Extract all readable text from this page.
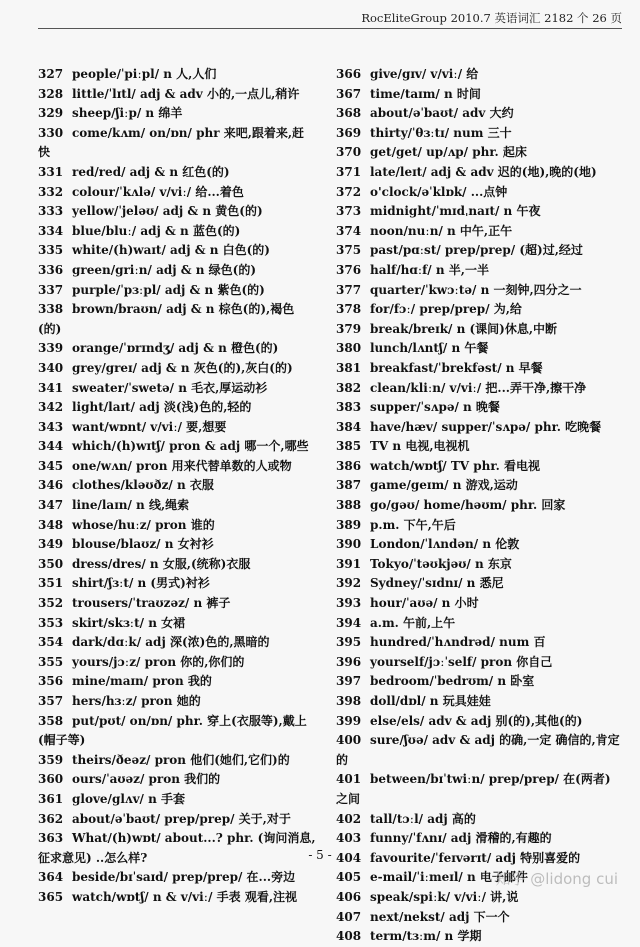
RocEliteGroup 2010.7 英语词汇 2182 个 26 页
327 people/ˈpiːpl/ n 人,人们
328 little/ˈlɪtl/ adj & adv 小的,一点儿,稍许
329 sheep/ʃiːp/ n 绵羊
330 come/kʌm/ on/ɒn/ phr 来吧,跟着来,赶快
331 red/red/ adj & n 红色(的)
332 colour/ˈkʌlə/ v/viː/ 给...着色
333 yellow/ˈjeləʊ/ adj & n 黄色(的)
334 blue/bluː/ adj & n 蓝色(的)
335 white/(h)waɪt/ adj & n 白色(的)
336 green/griːn/ adj & n 绿色(的)
337 purple/ˈpɜːpl/ adj & n 紫色(的)
338 brown/braʊn/ adj & n 棕色(的),褐色(的)
339 orange/ˈɒrɪndʒ/ adj & n 橙色(的)
340 grey/greɪ/ adj & n 灰色(的),灰白(的)
341 sweater/ˈswetə/ n 毛衣,厚运动衫
342 light/laɪt/ adj 淡(浅)色的,轻的
343 want/wɒnt/ v/viː/ 要,想要
344 which/(h)wɪtʃ/ pron & adj 哪一个,哪些
345 one/wʌn/ pron 用来代替单数的人或物
346 clothes/kləʊðz/ n 衣服
347 line/laɪn/ n 线,绳索
348 whose/huːz/ pron 谁的
349 blouse/blaʊz/ n 女衬衫
350 dress/dres/ n 女服,(统称)衣服
351 shirt/ʃɜːt/ n (男式)衬衫
352 trousers/ˈtraʊzəz/ n 裤子
353 skirt/skɜːt/ n 女裙
354 dark/dɑːk/ adj 深(浓)色的,黑暗的
355 yours/jɔːz/ pron 你的,你们的
356 mine/maɪn/ pron 我的
357 hers/hɜːz/ pron 她的
358 put/pʊt/ on/ɒn/ phr. 穿上(衣服等),戴上(帽子等)
359 theirs/ðeəz/ pron 他们(她们,它们)的
360 ours/ˈaʊəz/ pron 我们的
361 glove/glʌv/ n 手套
362 about/əˈbaʊt/ prep/prep/ 关于,对于
363 What/(h)wɒt/ about...? phr. (询问消息,征求意见) ..怎么样?
364 beside/bɪˈsaɪd/ prep/prep/ 在...旁边
365 watch/wɒtʃ/ n & v/viː/ 手表 观看,注视
366 give/gɪv/ v/viː/ 给
367 time/taɪm/ n 时间
368 about/əˈbaʊt/ adv 大约
369 thirty/ˈθɜːtɪ/ num 三十
370 get/get/ up/ʌp/ phr. 起床
371 late/leɪt/ adj & adv 迟的(地),晚的(地)
372 o'clock/əˈklɒk/ ...点钟
373 midnight/ˈmɪdˌnaɪt/ n 午夜
374 noon/nuːn/ n 中午,正午
375 past/pɑːst/ prep/prep/ (超)过,经过
376 half/hɑːf/ n 半,一半
377 quarter/ˈkwɔːtə/ n 一刻钟,四分之一
378 for/fɔː/ prep/prep/ 为,给
379 break/breɪk/ n (课间)休息,中断
380 lunch/lʌntʃ/ n 午餐
381 breakfast/ˈbrekfəst/ n 早餐
382 clean/kliːn/ v/viː/ 把...弄干净,擦干净
383 supper/ˈsʌpə/ n 晚餐
384 have/hæv/ supper/ˈsʌpə/ phr. 吃晚餐
385 TV n 电视,电视机
386 watch/wɒtʃ/ TV phr. 看电视
387 game/geɪm/ n 游戏,运动
388 go/gəʊ/ home/həʊm/ phr. 回家
389 p.m. 下午,午后
390 London/ˈlʌndən/ n 伦敦
391 Tokyo/ˈtəʊkjəʊ/ n 东京
392 Sydney/ˈsɪdnɪ/ n 悉尼
393 hour/ˈaʊə/ n 小时
394 a.m. 午前,上午
395 hundred/ˈhʌndrəd/ num 百
396 yourself/jɔːˈself/ pron 你自己
397 bedroom/ˈbedrʊm/ n 卧室
398 doll/dɒl/ n 玩具娃娃
399 else/els/ adv & adj 别(的),其他(的)
400 sure/ʃʊə/ adv & adj 的确,一定 确信的,肯定的
401 between/bɪˈtwiːn/ prep/prep/ 在(两者)之间
402 tall/tɔːl/ adj 高的
403 funny/ˈfʌnɪ/ adj 滑稽的,有趣的
404 favourite/ˈfeɪvərɪt/ adj 特别喜爱的
405 e-mail/ˈiːmeɪl/ n 电子邮件
406 speak/spiːk/ v/viː/ 讲,说
407 next/nekst/ adj 下一个
408 term/tɜːm/ n 学期
- 5 -
知乎 @lidong cui
